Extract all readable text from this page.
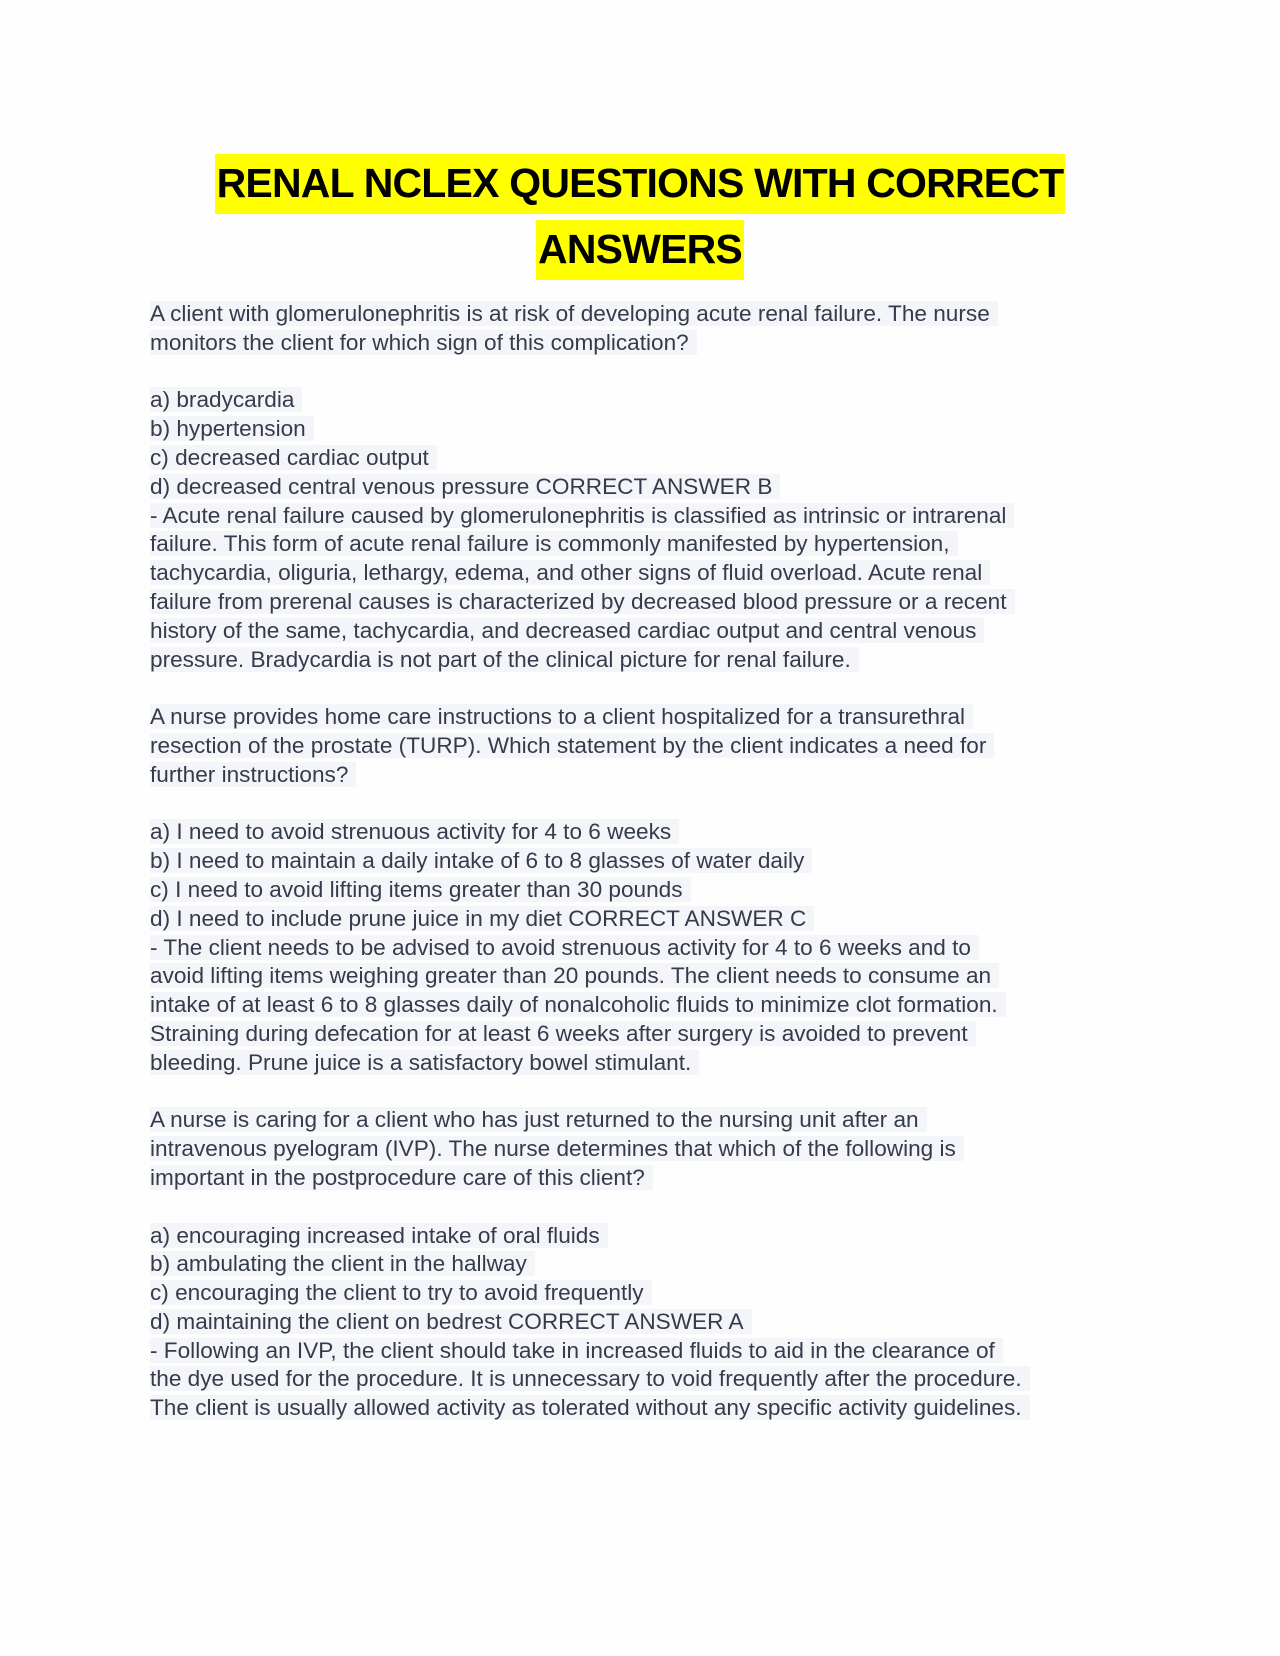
RENAL NCLEX QUESTIONS WITH CORRECT
ANSWERS
A client with glomerulonephritis is at risk of developing acute renal failure. The nurse
monitors the client for which sign of this complication?
a) bradycardia
b) hypertension
c) decreased cardiac output
d) decreased central venous pressure CORRECT ANSWER B
- Acute renal failure caused by glomerulonephritis is classified as intrinsic or intrarenal
failure. This form of acute renal failure is commonly manifested by hypertension,
tachycardia, oliguria, lethargy, edema, and other signs of fluid overload. Acute renal
failure from prerenal causes is characterized by decreased blood pressure or a recent
history of the same, tachycardia, and decreased cardiac output and central venous
pressure. Bradycardia is not part of the clinical picture for renal failure.
A nurse provides home care instructions to a client hospitalized for a transurethral
resection of the prostate (TURP). Which statement by the client indicates a need for
further instructions?
a) I need to avoid strenuous activity for 4 to 6 weeks
b) I need to maintain a daily intake of 6 to 8 glasses of water daily
c) I need to avoid lifting items greater than 30 pounds
d) I need to include prune juice in my diet CORRECT ANSWER C
- The client needs to be advised to avoid strenuous activity for 4 to 6 weeks and to
avoid lifting items weighing greater than 20 pounds. The client needs to consume an
intake of at least 6 to 8 glasses daily of nonalcoholic fluids to minimize clot formation.
Straining during defecation for at least 6 weeks after surgery is avoided to prevent
bleeding. Prune juice is a satisfactory bowel stimulant.
A nurse is caring for a client who has just returned to the nursing unit after an
intravenous pyelogram (IVP). The nurse determines that which of the following is
important in the postprocedure care of this client?
a) encouraging increased intake of oral fluids
b) ambulating the client in the hallway
c) encouraging the client to try to avoid frequently
d) maintaining the client on bedrest CORRECT ANSWER A
- Following an IVP, the client should take in increased fluids to aid in the clearance of
the dye used for the procedure. It is unnecessary to void frequently after the procedure.
The client is usually allowed activity as tolerated without any specific activity guidelines.
